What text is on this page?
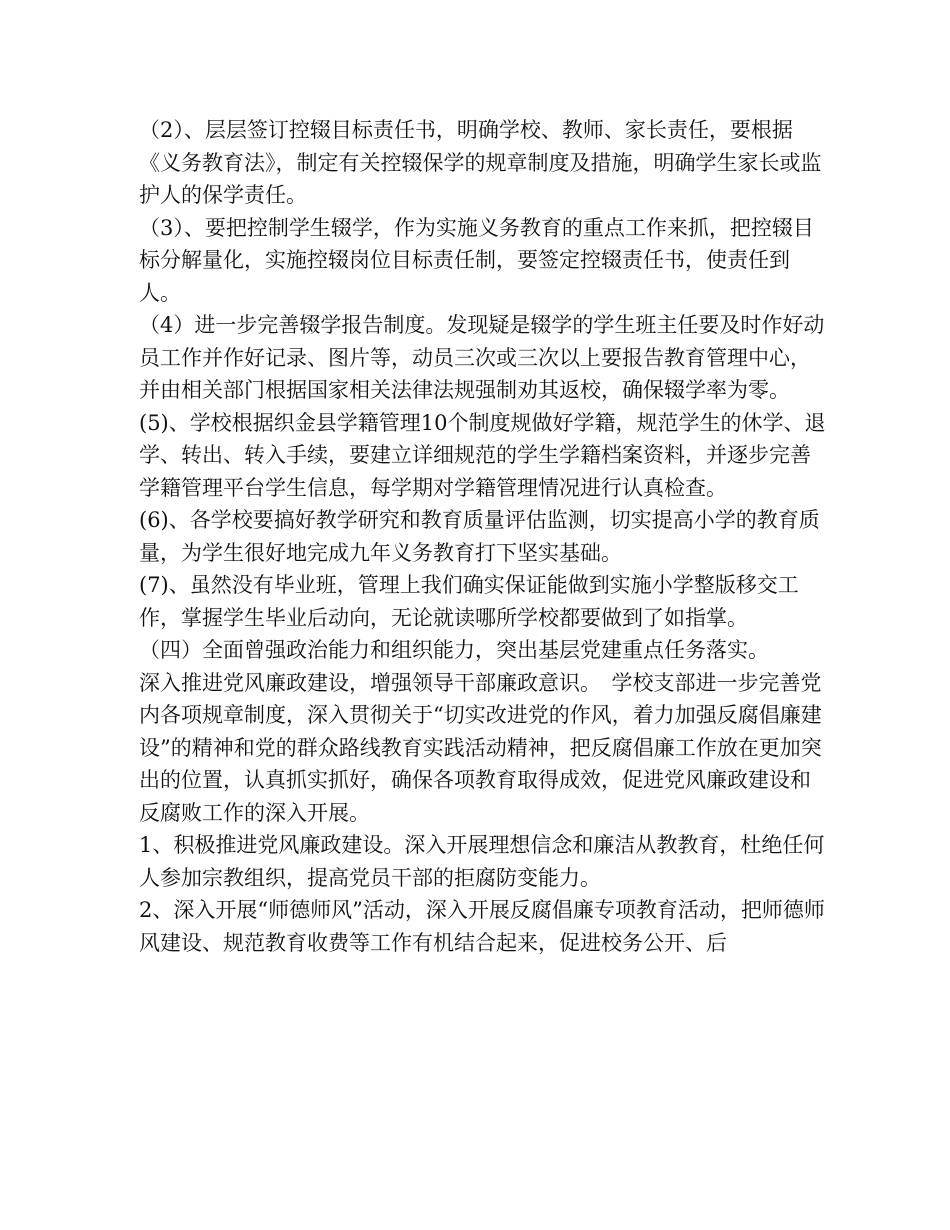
（2）、层层签订控辍目标责任书，明确学校、教师、家长责任，要根据《义务教育法》，制定有关控辍保学的规章制度及措施，明确学生家长或监护人的保学责任。

（3）、要把控制学生辍学，作为实施义务教育的重点工作来抓，把控辍目标分解量化，实施控辍岗位目标责任制，要签定控辍责任书，使责任到人。

（4）进一步完善辍学报告制度。发现疑是辍学的学生班主任要及时作好动员工作并作好记录、图片等，动员三次或三次以上要报告教育管理中心，并由相关部门根据国家相关法律法规强制劝其返校，确保辍学率为零。

(5)、学校根据织金县学籍管理10个制度规做好学籍，规范学生的休学、退学、转出、转入手续，要建立详细规范的学生学籍档案资料，并逐步完善学籍管理平台学生信息，每学期对学籍管理情况进行认真检查。

(6)、各学校要搞好教学研究和教育质量评估监测，切实提高小学的教育质量，为学生很好地完成九年义务教育打下坚实基础。

(7)、虽然没有毕业班，管理上我们确实保证能做到实施小学整版移交工作，掌握学生毕业后动向，无论就读哪所学校都要做到了如指掌。

（四）全面曾强政治能力和组织能力，突出基层党建重点任务落实。

深入推进党风廉政建设，增强领导干部廉政意识。　学校支部进一步完善党内各项规章制度，深入贯彻关于“切实改进党的作风，着力加强反腐倡廉建设”的精神和党的群众路线教育实践活动精神，把反腐倡廉工作放在更加突出的位置，认真抓实抓好，确保各项教育取得成效，促进党风廉政建设和反腐败工作的深入开展。

1、积极推进党风廉政建设。深入开展理想信念和廉洁从教教育，杜绝任何人参加宗教组织，提高党员干部的拒腐防变能力。

2、深入开展“师德师风”活动，深入开展反腐倡廉专项教育活动，把师德师风建设、规范教育收费等工作有机结合起来，促进校务公开、后
